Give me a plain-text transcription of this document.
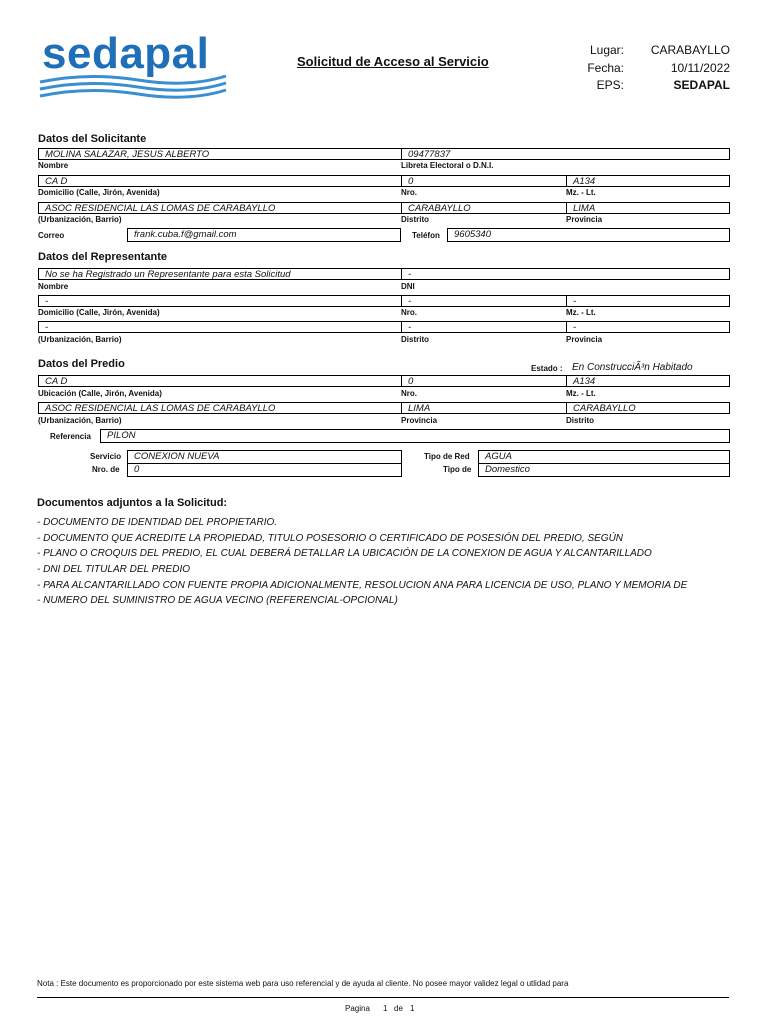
sedapal	Solicitud de Acceso al Servicio
Lugar:	CARABAYLLO
Fecha:	10/11/2022
EPS:	SEDAPAL
Datos del Solicitante
MOLINA SALAZAR, JESUS ALBERTO	09477837
Nombre	Libreta Electoral o D.N.I.
CA D	0	A134
Domicilio (Calle, Jirón, Avenida)	Nro.	Mz. - Lt.
ASOC RESIDENCIAL LAS LOMAS DE CARABAYLLO	CARABAYLLO	LIMA
(Urbanización, Barrio)	Distrito	Provincia
Correo	frank.cuba.f@gmail.com	Teléfon	9605340
Datos del Representante
No se ha Registrado un Representante para esta Solicitud	-
Nombre	DNI
-	-	-
Domicilio (Calle, Jirón, Avenida)	Nro.	Mz. - Lt.
-	-	-
(Urbanización, Barrio)	Distrito	Provincia
Datos del Predio	Estado : En ConstrucciÃ³n Habitado
CA D	0	A134
Ubicación (Calle, Jirón, Avenida)	Nro.	Mz. - Lt.
ASOC RESIDENCIAL LAS LOMAS DE CARABAYLLO	LIMA	CARABAYLLO
(Urbanización, Barrio)	Provincia	Distrito
Referencia	PILON
Servicio	CONEXION NUEVA	Tipo de Red	AGUA
Nro. de	0	Tipo de	Domestico
Documentos adjuntos a la Solicitud:
- DOCUMENTO DE IDENTIDAD DEL PROPIETARIO.
- DOCUMENTO QUE ACREDITE LA PROPIEDAD, TITULO POSESORIO O CERTIFICADO DE POSESIÓN DEL PREDIO, SEGÚN
- PLANO O CROQUIS DEL PREDIO, EL CUAL DEBERÁ DETALLAR LA UBICACIÓN DE LA CONEXION DE AGUA Y ALCANTARILLADO
- DNI DEL TITULAR DEL PREDIO
- PARA ALCANTARILLADO CON FUENTE PROPIA ADICIONALMENTE, RESOLUCION ANA PARA LICENCIA DE USO, PLANO Y MEMORIA DE
- NUMERO DEL SUMINISTRO DE AGUA VECINO (REFERENCIAL-OPCIONAL)
Nota : Este documento es proporcionado por este sistema web para uso referencial y de ayuda al cliente. No posee mayor validez legal o utlidad para
Pagina 1 de 1
